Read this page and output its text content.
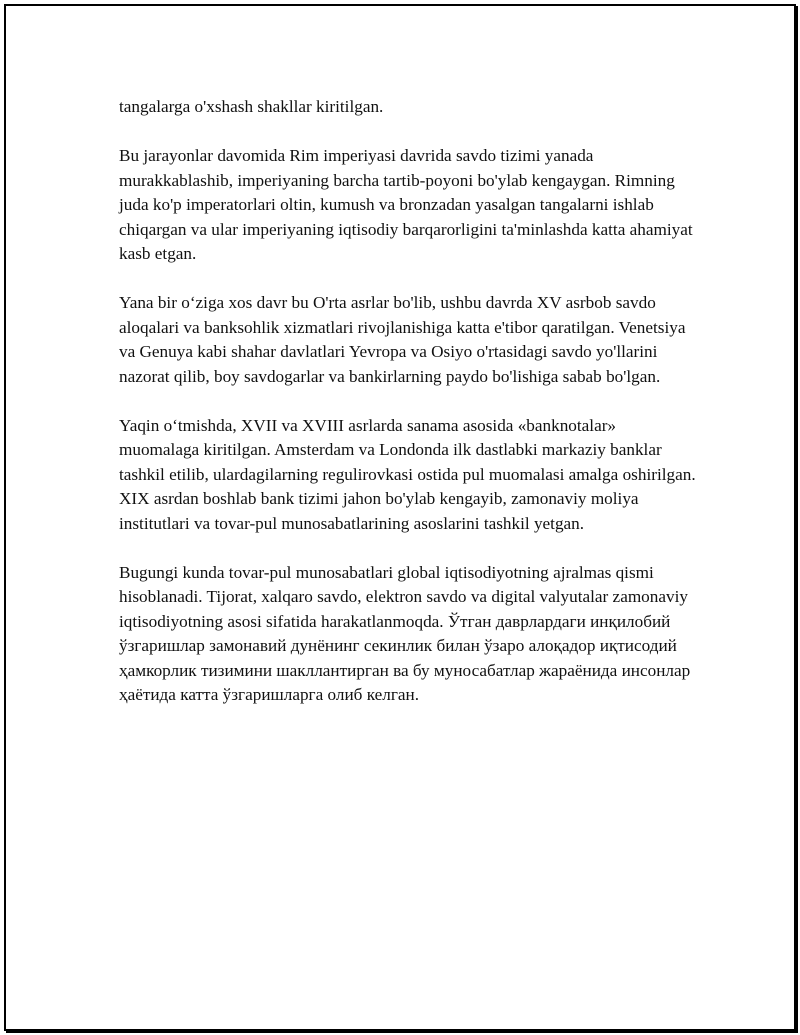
tangalarga o'xshash shakllar kiritilgan.

Bu jarayonlar davomida Rim imperiyasi davrida savdo tizimi yanada murakkablashib, imperiyaning barcha tartib-poyoni bo'ylab kengaygan. Rimning juda ko'p imperatorlari oltin, kumush va bronzadan yasalgan tangalarni ishlab chiqargan va ular imperiyaning iqtisodiy barqarorligini ta'minlashda katta ahamiyat kasb etgan.

Yana bir o‘ziga xos davr bu O'rta asrlar bo'lib, ushbu davrda XV asrbob savdo aloqalari va banksohlik xizmatlari rivojlanishiga katta e'tibor qaratilgan. Venetsiya va Genuya kabi shahar davlatlari Yevropa va Osiyo o'rtasidagi savdo yo'llarini nazorat qilib, boy savdogarlar va bankirlarning paydo bo'lishiga sabab bo'lgan.

Yaqin o‘tmishda, XVII va XVIII asrlarda sanama asosida «banknotalar» muomalaga kiritilgan. Amsterdam va Londonda ilk dastlabki markaziy banklar tashkil etilib, ulardagilarning regulirovkasi ostida pul muomalasi amalga oshirilgan. XIX asrdan boshlab bank tizimi jahon bo'ylab kengayib, zamonaviy moliya institutlari va tovar-pul munosabatlarining asoslarini tashkil yetgan.

Bugungi kunda tovar-pul munosabatlari global iqtisodiyotning ajralmas qismi hisoblanadi. Tijorat, xalqaro savdo, elektron savdo va digital valyutalar zamonaviy iqtisodiyotning asosi sifatida harakatlanmoqda. Ўтган даврлардаги инқилобий ўзгаришлар замонавий дунёнинг секинлик билан ўзаро алоқадор иқтисодий ҳамкорлик тизимини шакллантирган ва бу муносабатлар жараёнида инсонлар ҳаётида катта ўзгаришларга олиб келган.
